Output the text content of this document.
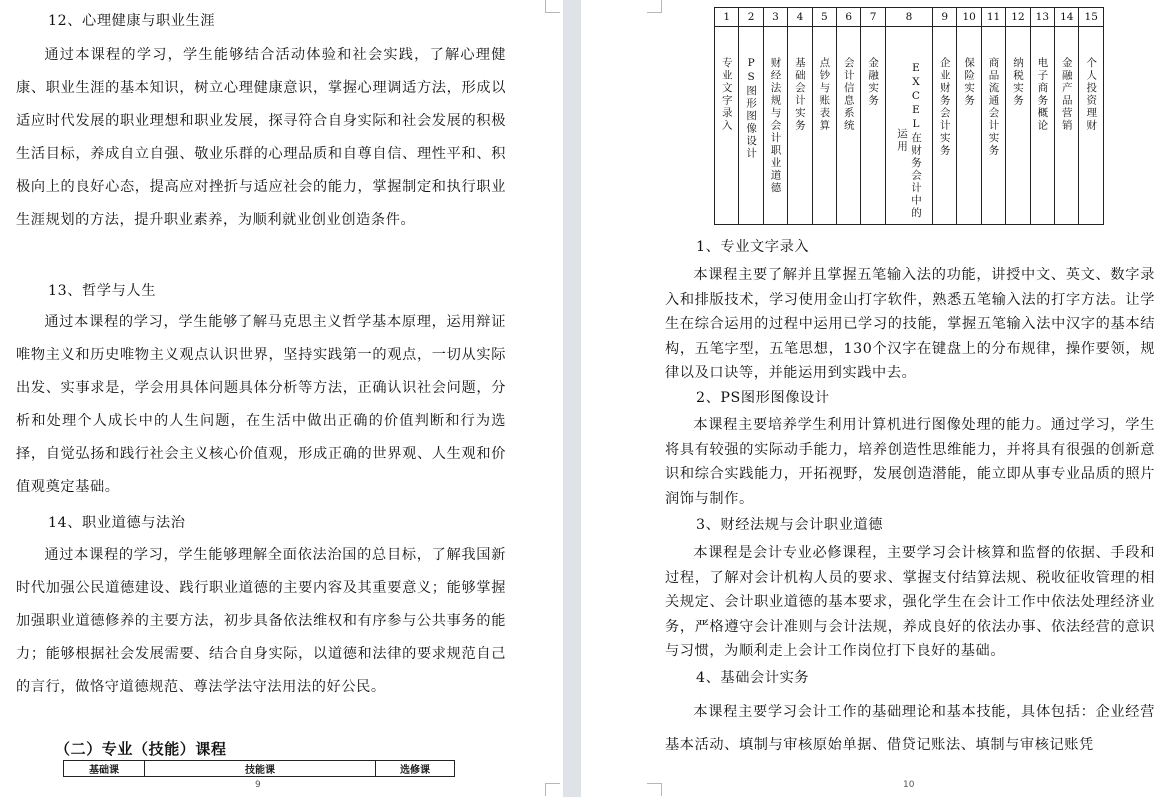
12、心理健康与职业生涯
通过本课程的学习，学生能够结合活动体验和社会实践，了解心理健康、职业生涯的基本知识，树立心理健康意识，掌握心理调适方法，形成以适应时代发展的职业理想和职业发展，探寻符合自身实际和社会发展的积极生活目标，养成自立自强、敬业乐群的心理品质和自尊自信、理性平和、积极向上的良好心态，提高应对挫折与适应社会的能力，掌握制定和执行职业生涯规划的方法，提升职业素养，为顺利就业创业创造条件。
13、哲学与人生
通过本课程的学习，学生能够了解马克思主义哲学基本原理，运用辩证唯物主义和历史唯物主义观点认识世界，坚持实践第一的观点，一切从实际出发、实事求是，学会用具体问题具体分析等方法，正确认识社会问题，分析和处理个人成长中的人生问题，在生活中做出正确的价值判断和行为选择，自觉弘扬和践行社会主义核心价值观，形成正确的世界观、人生观和价值观奠定基础。
14、职业道德与法治
通过本课程的学习，学生能够理解全面依法治国的总目标，了解我国新时代加强公民道德建设、践行职业道德的主要内容及其重要意义；能够掌握加强职业道德修养的主要方法，初步具备依法维权和有序参与公共事务的能力；能够根据社会发展需要、结合自身实际，以道德和法律的要求规范自己的言行，做恪守道德规范、尊法学法守法用法的好公民。
（二）专业（技能）课程
基础课	技能课	选修课
9
1	2	3	4	5	6	7	8	9	10	11	12	13	14	15

专业文字录入	PS图形图像设计	财经法规与会计职业道德	基础会计实务	点钞与账表算	会计信息系统	金融实务	EXCEL在财务会计中的运用	企业财务会计实务	保险实务	商品流通会计实务	纳税实务	电子商务概论	金融产品营销	个人投资理财
1、专业文字录入
本课程主要了解并且掌握五笔输入法的功能，讲授中文、英文、数字录入和排版技术，学习使用金山打字软件，熟悉五笔输入法的打字方法。让学生在综合运用的过程中运用已学习的技能，掌握五笔输入法中汉字的基本结构，五笔字型，五笔思想，130个汉字在键盘上的分布规律，操作要领，规律以及口诀等，并能运用到实践中去。
2、PS图形图像设计
本课程主要培养学生利用计算机进行图像处理的能力。通过学习，学生将具有较强的实际动手能力，培养创造性思维能力，并将具有很强的创新意识和综合实践能力，开拓视野，发展创造潜能，能立即从事专业品质的照片润饰与制作。
3、财经法规与会计职业道德
本课程是会计专业必修课程，主要学习会计核算和监督的依据、手段和过程，了解对会计机构人员的要求、掌握支付结算法规、税收征收管理的相关规定、会计职业道德的基本要求，强化学生在会计工作中依法处理经济业务，严格遵守会计准则与会计法规，养成良好的依法办事、依法经营的意识与习惯，为顺利走上会计工作岗位打下良好的基础。
4、基础会计实务
本课程主要学习会计工作的基础理论和基本技能，具体包括：企业经营基本活动、填制与审核原始单据、借贷记账法、填制与审核记账凭
10
